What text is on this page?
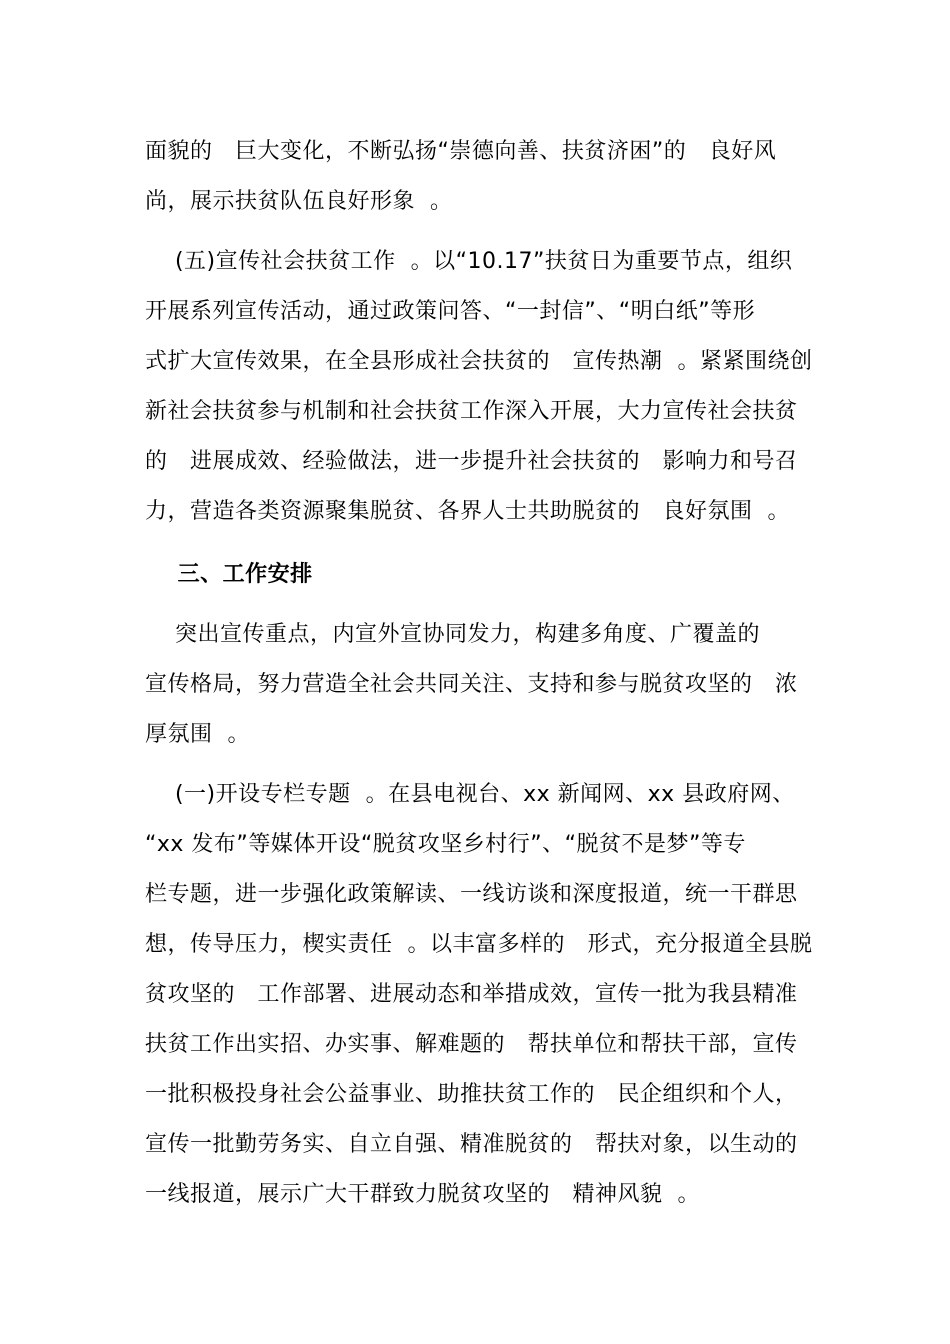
面貌的   巨大变化，不断弘扬“崇德向善、扶贫济困”的   良好风
尚，展示扶贫队伍良好形象  。
(五)宣传社会扶贫工作  。以“10.17”扶贫日为重要节点，组织
开展系列宣传活动，通过政策问答、“一封信”、“明白纸”等形
式扩大宣传效果，在全县形成社会扶贫的   宣传热潮  。紧紧围绕创
新社会扶贫参与机制和社会扶贫工作深入开展，大力宣传社会扶贫
的   进展成效、经验做法，进一步提升社会扶贫的   影响力和号召
力，营造各类资源聚集脱贫、各界人士共助脱贫的   良好氛围  。
三、工作安排
突出宣传重点，内宣外宣协同发力，构建多角度、广覆盖的
宣传格局，努力营造全社会共同关注、支持和参与脱贫攻坚的   浓
厚氛围  。
(一)开设专栏专题  。在县电视台、xx 新闻网、xx 县政府网、
“xx 发布”等媒体开设“脱贫攻坚乡村行”、“脱贫不是梦”等专
栏专题，进一步强化政策解读、一线访谈和深度报道，统一干群思
想，传导压力，楔实责任  。以丰富多样的   形式，充分报道全县脱
贫攻坚的   工作部署、进展动态和举措成效，宣传一批为我县精准
扶贫工作出实招、办实事、解难题的   帮扶单位和帮扶干部，宣传
一批积极投身社会公益事业、助推扶贫工作的   民企组织和个人，
宣传一批勤劳务实、自立自强、精准脱贫的   帮扶对象，以生动的
一线报道，展示广大干群致力脱贫攻坚的   精神风貌  。
